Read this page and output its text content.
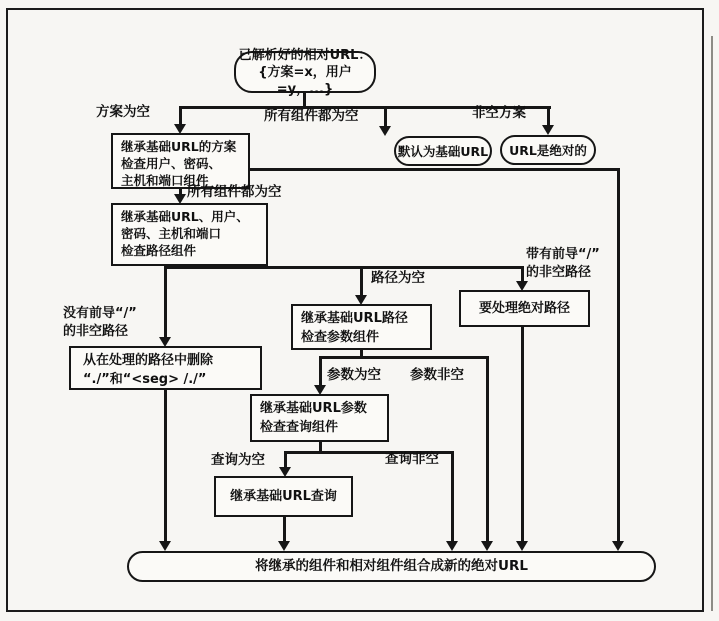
已解析好的相对URL：
{方案=x，用户=y，...}
继承基础URL的方案
检查用户、密码、
主机和端口组件
默认为基础URL URL是绝对的
继承基础URL、用户、
密码、主机和端口
检查路径组件
从在处理的路径中删除
“./”和“<seg> /./”
继承基础URL路径
检查参数组件
要处理绝对路径
继承基础URL参数
检查查询组件
继承基础URL查询
将继承的组件和相对组件组合成新的绝对URL
方案为空	所有组件都为空	非空方案
所有组件都为空
没有前导“/”
的非空路径
路径为空
带有前导“/”
的非空路径
参数为空 参数非空
查询为空	查询非空
